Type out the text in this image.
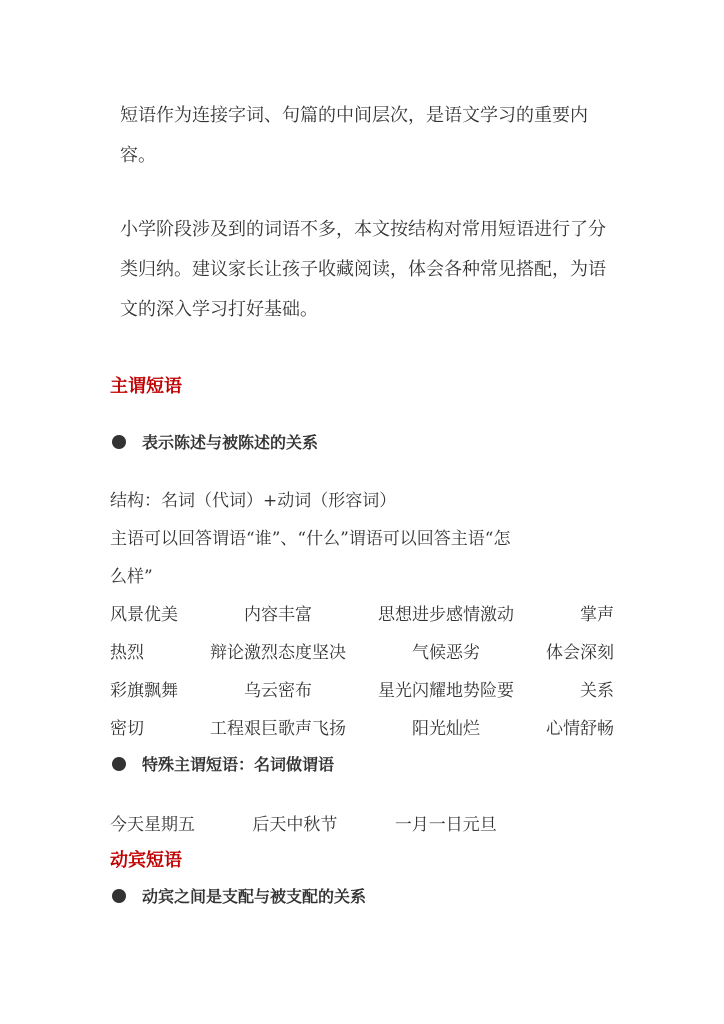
短语作为连接字词、句篇的中间层次，是语文学习的重要内容。

小学阶段涉及到的词语不多，本文按结构对常用短语进行了分类归纳。建议家长让孩子收藏阅读，体会各种常见搭配，为语文的深入学习打好基础。

主谓短语
表示陈述与被陈述的关系

结构：名词（代词）+动词（形容词）

主语可以回答谓语“谁”、“什么”谓语可以回答主语“怎

么样”

风景优美	内容丰富	思想进步感情激动	掌声
热烈	辩论激烈态度坚决	气候恶劣	体会深刻
彩旗飘舞	乌云密布	星光闪耀地势险要	关系
密切	工程艰巨歌声飞扬	阳光灿烂	心情舒畅
特殊主谓短语：名词做谓语
今天星期五	后天中秋节	一月一日元旦
动宾短语
动宾之间是支配与被支配的关系
